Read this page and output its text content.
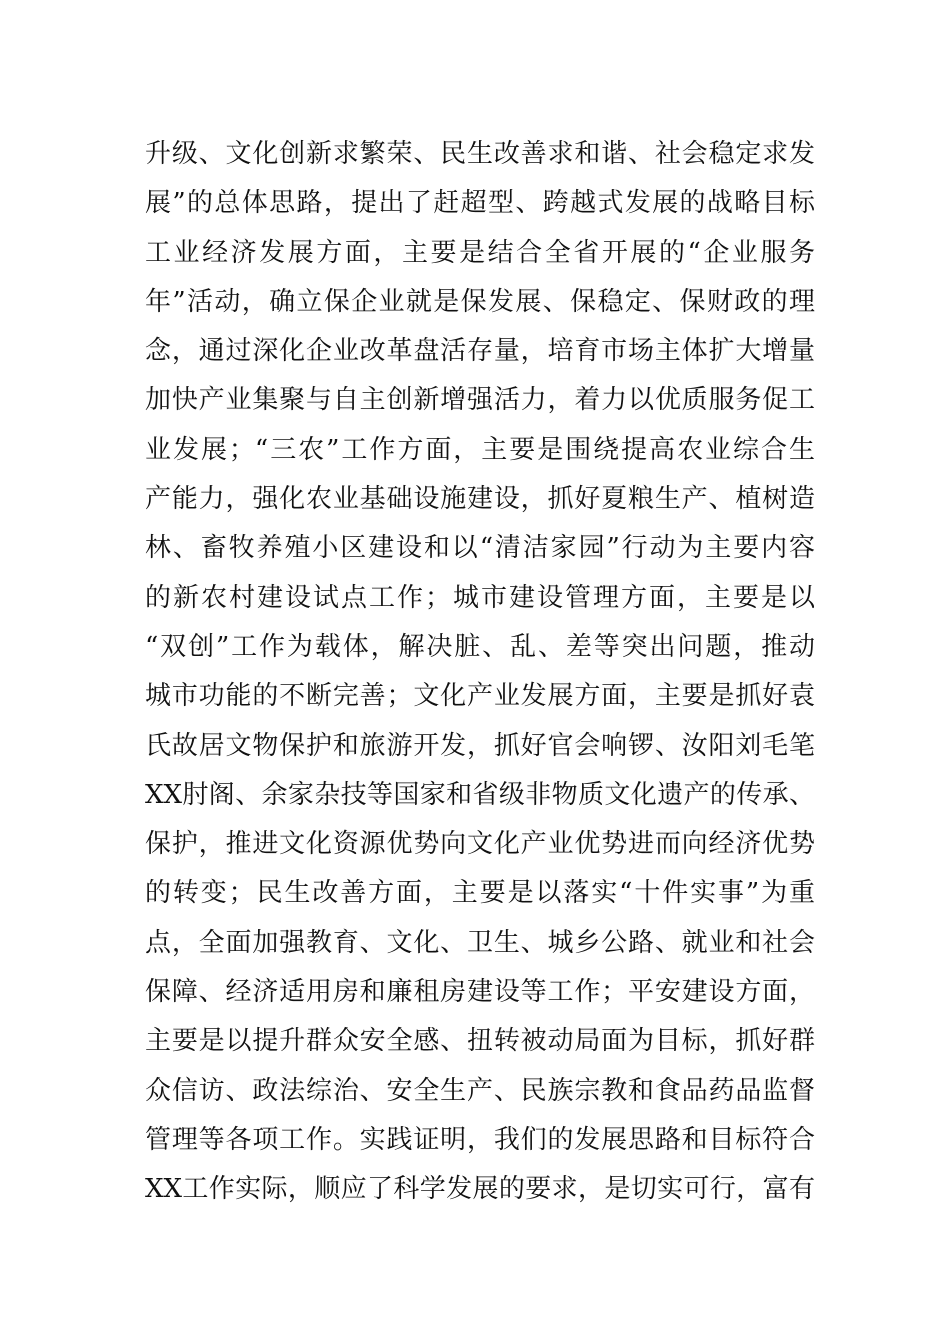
升级、文化创新求繁荣、民生改善求和谐、社会稳定求发
展”的总体思路，提出了赶超型、跨越式发展的战略目标
工业经济发展方面，主要是结合全省开展的“企业服务
年”活动，确立保企业就是保发展、保稳定、保财政的理
念，通过深化企业改革盘活存量，培育市场主体扩大增量
加快产业集聚与自主创新增强活力，着力以优质服务促工
业发展；“三农”工作方面，主要是围绕提高农业综合生
产能力，强化农业基础设施建设，抓好夏粮生产、植树造
林、畜牧养殖小区建设和以“清洁家园”行动为主要内容
的新农村建设试点工作；城市建设管理方面，主要是以
“双创”工作为载体，解决脏、乱、差等突出问题，推动
城市功能的不断完善；文化产业发展方面，主要是抓好袁
氏故居文物保护和旅游开发，抓好官会响锣、汝阳刘毛笔
XX肘阁、余家杂技等国家和省级非物质文化遗产的传承、
保护，推进文化资源优势向文化产业优势进而向经济优势
的转变；民生改善方面，主要是以落实“十件实事”为重
点，全面加强教育、文化、卫生、城乡公路、就业和社会
保障、经济适用房和廉租房建设等工作；平安建设方面，
主要是以提升群众安全感、扭转被动局面为目标，抓好群
众信访、政法综治、安全生产、民族宗教和食品药品监督
管理等各项工作。实践证明，我们的发展思路和目标符合
XX工作实际，顺应了科学发展的要求，是切实可行，富有
